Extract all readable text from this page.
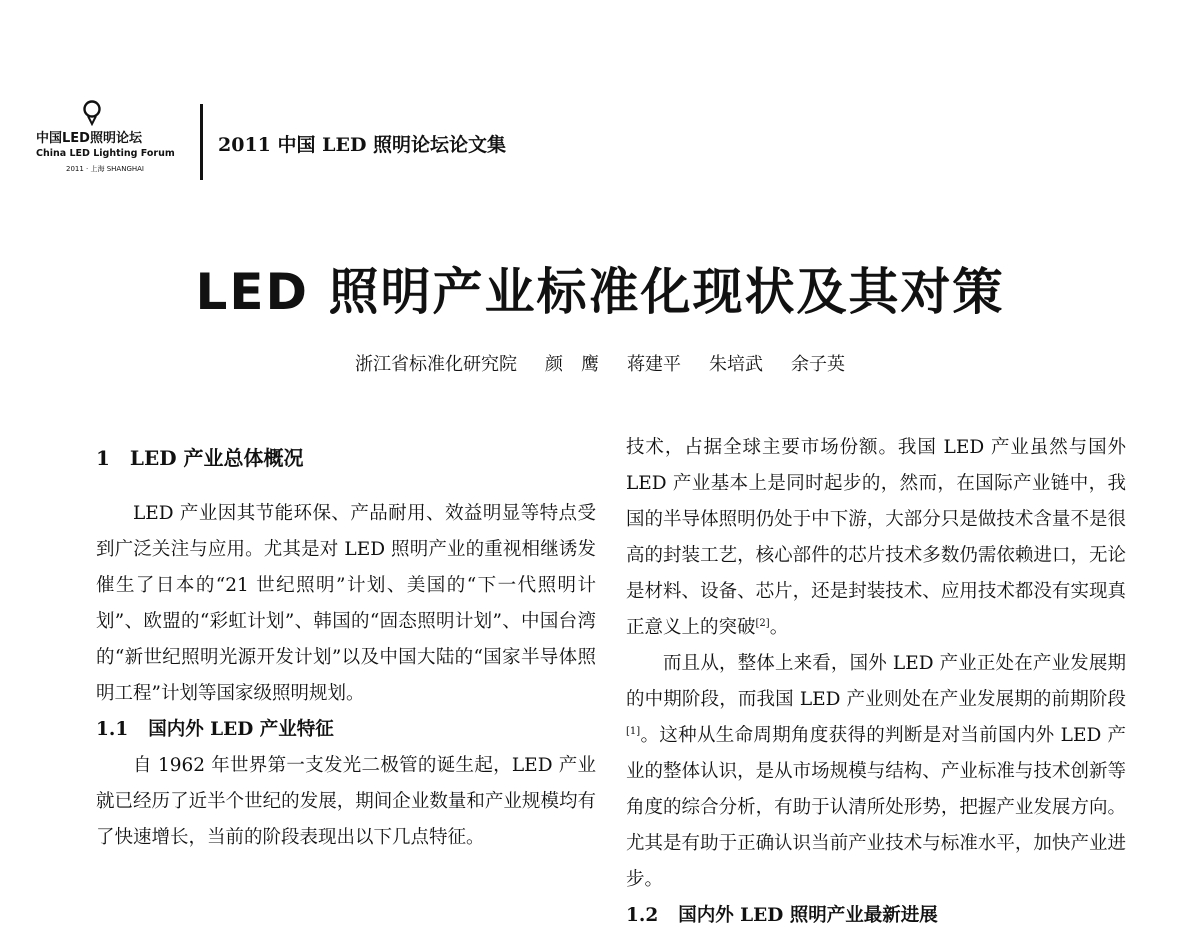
中国LED照明论坛
China LED Lighting Forum
2011 · 上海 SHANGHAI
2011 中国 LED 照明论坛论文集
LED 照明产业标准化现状及其对策
浙江省标准化研究院 颜　鹰 蒋建平 朱培武 余子英
1 LED 产业总体概况

LED 产业因其节能环保、产品耐用、效益明显等特点受到广泛关注与应用。尤其是对 LED 照明产业的重视相继诱发催生了日本的“21 世纪照明”计划、美国的“下一代照明计划”、欧盟的“彩虹计划”、韩国的“固态照明计划”、中国台湾的“新世纪照明光源开发计划”以及中国大陆的“国家半导体照明工程”计划等国家级照明规划。

1.1 国内外 LED 产业特征

自 1962 年世界第一支发光二极管的诞生起，LED 产业就已经历了近半个世纪的发展，期间企业数量和产业规模均有了快速增长，当前的阶段表现出以下几点特征。

技术，占据全球主要市场份额。我国 LED 产业虽然与国外 LED 产业基本上是同时起步的，然而，在国际产业链中，我国的半导体照明仍处于中下游，大部分只是做技术含量不是很高的封装工艺，核心部件的芯片技术多数仍需依赖进口，无论是材料、设备、芯片，还是封装技术、应用技术都没有实现真正意义上的突破[2]。

而且从，整体上来看，国外 LED 产业正处在产业发展期的中期阶段，而我国 LED 产业则处在产业发展期的前期阶段[1]。这种从生命周期角度获得的判断是对当前国内外 LED 产业的整体认识，是从市场规模与结构、产业标准与技术创新等角度的综合分析，有助于认清所处形势，把握产业发展方向。尤其是有助于正确认识当前产业技术与标准水平，加快产业进步。

1.2 国内外 LED 照明产业最新进展
